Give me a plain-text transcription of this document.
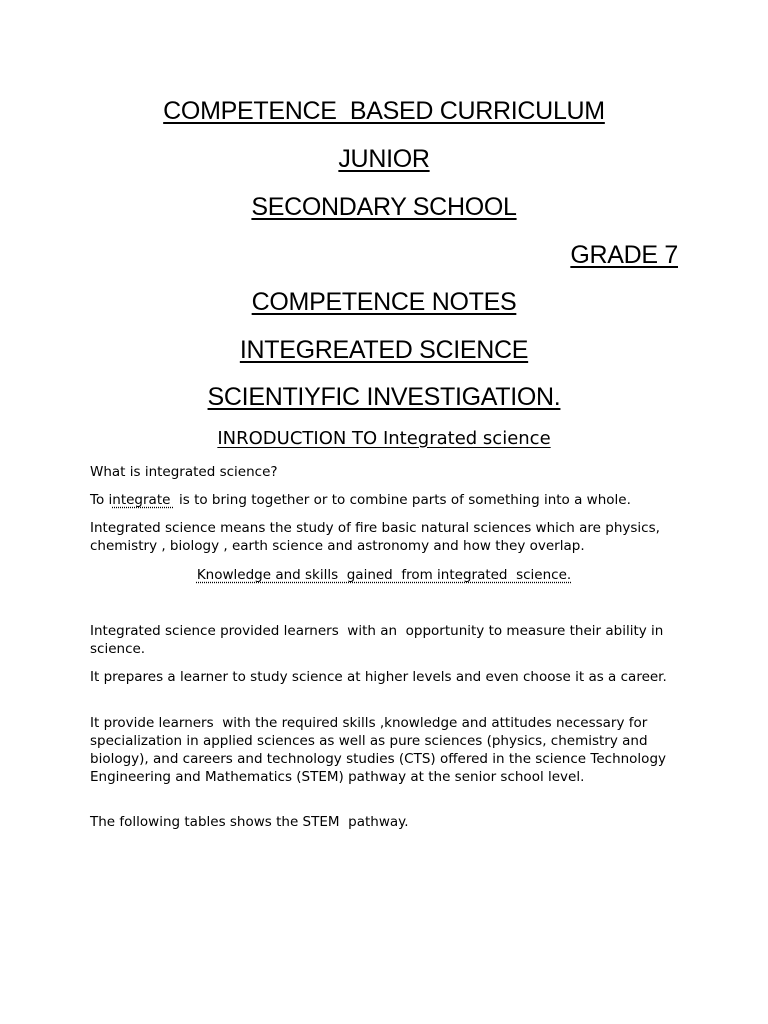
COMPETENCE  BASED CURRICULUM
JUNIOR
SECONDARY SCHOOL
GRADE 7
COMPETENCE NOTES
INTEGREATED SCIENCE
SCIENTIYFIC INVESTIGATION.
INRODUCTION TO Integrated science
What is integrated science?
To integrate  is to bring together or to combine parts of something into a whole.
Integrated science means the study of fire basic natural sciences which are physics, chemistry , biology , earth science and astronomy and how they overlap.
Knowledge and skills  gained  from integrated  science.
Integrated science provided learners  with an  opportunity to measure their ability in science.
It prepares a learner to study science at higher levels and even choose it as a career.
It provide learners  with the required skills ,knowledge and attitudes necessary for specialization in applied sciences as well as pure sciences (physics, chemistry and biology), and careers and technology studies (CTS) offered in the science Technology Engineering and Mathematics (STEM) pathway at the senior school level.
The following tables shows the STEM  pathway.
